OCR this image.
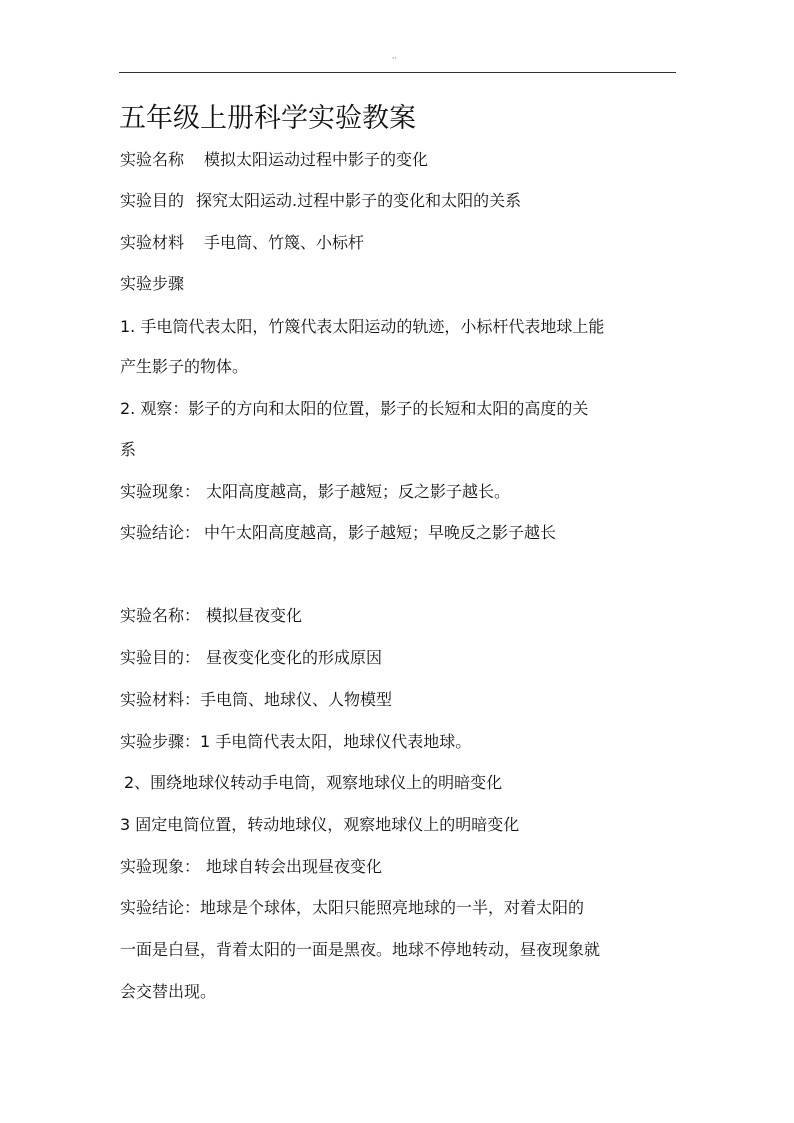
''
五年级上册科学实验教案
实验名称 模拟太阳运动过程中影子的变化
实验目的 探究太阳运动.过程中影子的变化和太阳的关系
实验材料 手电筒、竹篾、小标杆
实验步骤
1. 手电筒代表太阳，竹篾代表太阳运动的轨迹，小标杆代表地球上能
产生影子的物体。
2. 观察：影子的方向和太阳的位置，影子的长短和太阳的高度的关
系
实验现象： 太阳高度越高，影子越短；反之影子越长。
实验结论： 中午太阳高度越高，影子越短；早晚反之影子越长
实验名称： 模拟昼夜变化
实验目的： 昼夜变化变化的形成原因
实验材料：手电筒、地球仪、人物模型
实验步骤：1 手电筒代表太阳，地球仪代表地球。
2、围绕地球仪转动手电筒，观察地球仪上的明暗变化
3 固定电筒位置，转动地球仪，观察地球仪上的明暗变化
实验现象： 地球自转会出现昼夜变化
实验结论：地球是个球体，太阳只能照亮地球的一半，对着太阳的
一面是白昼，背着太阳的一面是黑夜。地球不停地转动，昼夜现象就
会交替出现。
